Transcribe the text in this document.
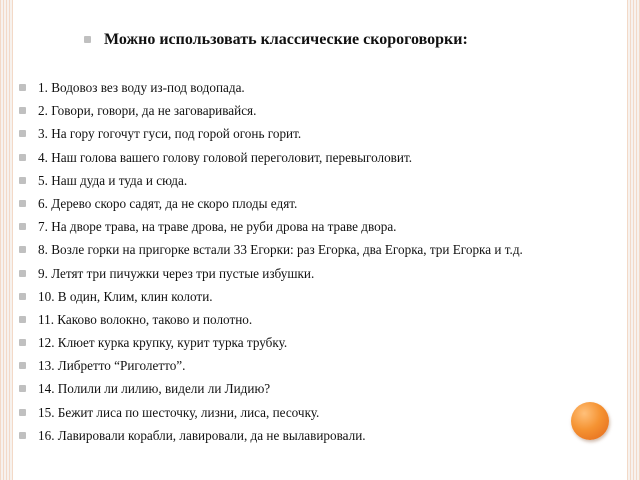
Можно использовать классические скороговорки:
1. Водовоз вез воду из-под водопада.
2. Говори, говори, да не заговаривайся.
3. На гору гогочут гуси, под горой огонь горит.
4. Наш голова вашего голову головой переголовит, перевыголовит.
5. Наш дуда и туда и сюда.
6. Дерево скоро садят, да не скоро плоды едят.
7. На дворе трава, на траве дрова, не руби дрова на траве двора.
8. Возле горки на пригорке встали 33 Егорки: раз Егорка, два Егорка, три Егорка и т.д.
9. Летят три пичужки через три пустые избушки.
10. В один, Клим, клин колоти.
11. Каково волокно, таково и полотно.
12. Клюет курка крупку, курит турка трубку.
13. Либретто “Риголетто”.
14. Полили ли лилию, видели ли Лидию?
15. Бежит лиса по шесточку, лизни, лиса, песочку.
16. Лавировали корабли, лавировали, да не вылавировали.
